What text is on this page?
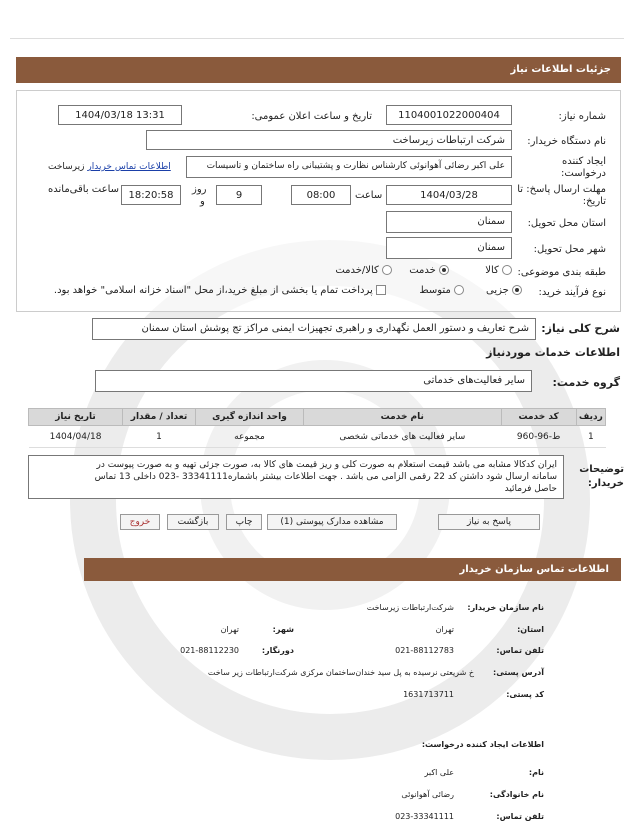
جزئیات اطلاعات نیاز
شماره نیاز:
1104001022000404
تاریخ و ساعت اعلان عمومی:
1404/03/18 13:31
نام دستگاه خریدار:
شرکت ارتباطات زیرساخت
ایجاد کننده
درخواست:
علی اکبر رضائی آهوانوئی کارشناس نظارت و پشتیبانی راه ساختمان و تاسیسات
اطلاعات تماس خریدار زیرساخت
مهلت ارسال پاسخ: تا
تاریخ:
1404/03/28
ساعت
08:00
9
روز
و
18:20:58
ساعت باقی‌مانده
استان محل تحویل:
سمنان
شهر محل تحویل:
سمنان
طبقه بندی موضوعی:
کالا
خدمت
کالا/خدمت
نوع فرآیند خرید:
جزیی
متوسط
پرداخت تمام یا بخشی از مبلغ خرید،از محل "اسناد خزانه اسلامی" خواهد بود.
شرح کلی نیاز:
شرح تعاریف و دستور العمل نگهداری و راهبری تجهیزات ایمنی مراکز تج پوشش استان سمنان
اطلاعات خدمات موردنیاز
گروه خدمت:
سایر فعالیت‌های خدماتی
ردیف	کد خدمت	نام خدمت	واحد اندازه گیری	تعداد / مقدار	تاریخ نیاز
1	ط-96-960	سایر فعالیت های خدماتی شخصی	مجموعه	1	1404/04/18
توضیحات
خریدار:
ایران کدکالا مشابه می باشد قیمت استعلام به صورت کلی و ریز قیمت های کالا به، صورت جزئی تهیه و به صورت پیوست در
سامانه ارسال شود داشتن کد 22 رقمی الزامی می باشد . جهت اطلاعات بیشتر باشماره33341111 -023 داخلی 13 تماس
حاصل فرمائید
پاسخ به نیاز
مشاهده مدارک پیوستی (1)
چاپ
بازگشت
خروج
اطلاعات تماس سازمان خریدار
نام سازمان خریدار:
شرکت‌ارتباطات زیرساخت
استان:
تهران
شهر:
تهران
تلفن تماس:
021-88112783
دورنگار:
021-88112230
آدرس پستی:
خ شریعتی نرسیده به پل سید خندان‌ساختمان مرکزی شرکت‌ارتباطات زیر ساخت
کد پستی:
1631713711
اطلاعات ایجاد کننده درخواست:
نام:
علی اکبر
نام خانوادگی:
رضائی آهوانوئی
تلفن تماس:
023-33341111
